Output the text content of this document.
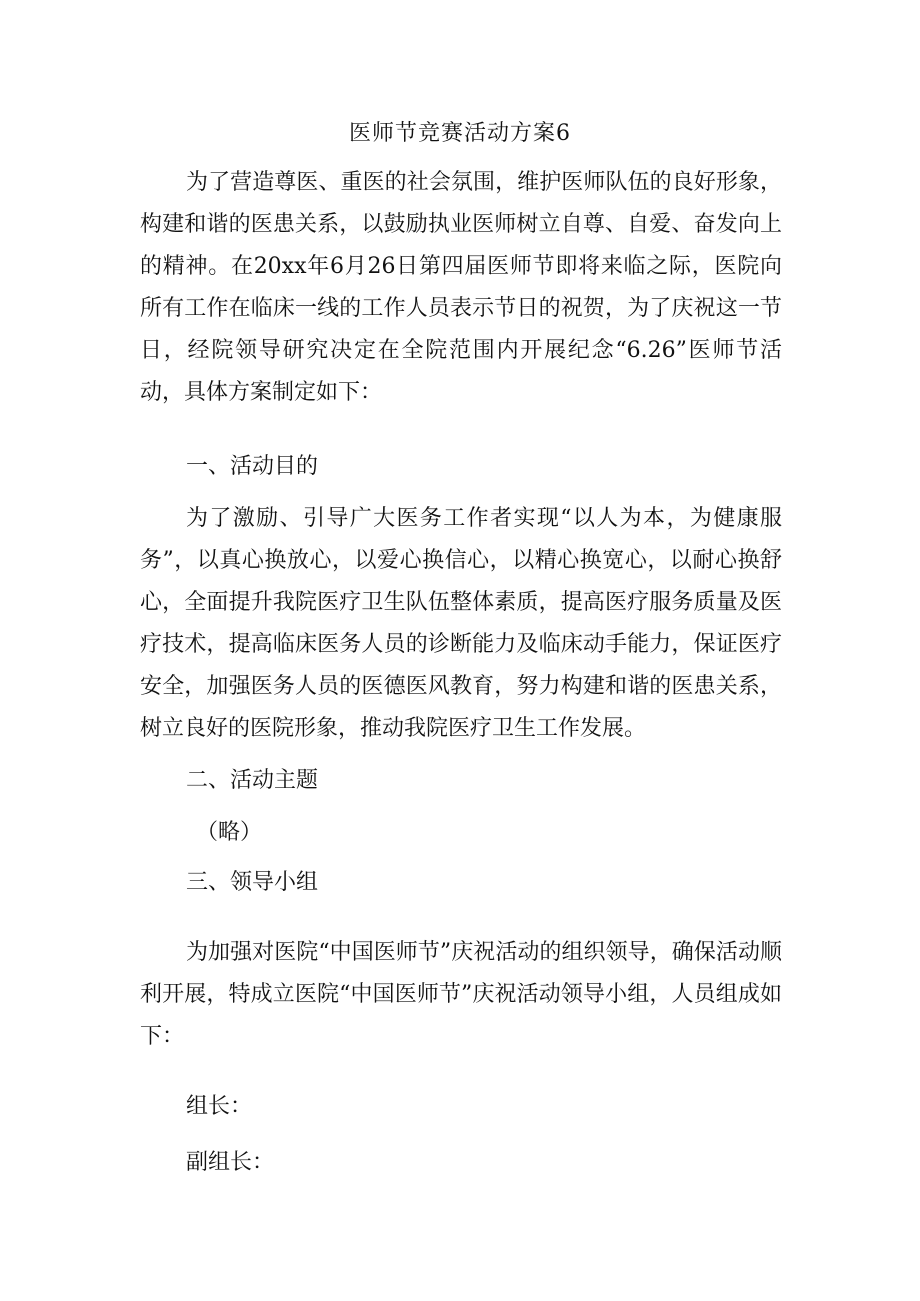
医师节竞赛活动方案6

为了营造尊医、重医的社会氛围，维护医师队伍的良好形象，构建和谐的医患关系，以鼓励执业医师树立自尊、自爱、奋发向上的精神。在20xx年6月26日第四届医师节即将来临之际，医院向所有工作在临床一线的工作人员表示节日的祝贺，为了庆祝这一节日，经院领导研究决定在全院范围内开展纪念“6.26”医师节活动，具体方案制定如下：

一、活动目的

为了激励、引导广大医务工作者实现“以人为本，为健康服务”，以真心换放心，以爱心换信心，以精心换宽心，以耐心换舒心，全面提升我院医疗卫生队伍整体素质，提高医疗服务质量及医疗技术，提高临床医务人员的诊断能力及临床动手能力，保证医疗安全，加强医务人员的医德医风教育，努力构建和谐的医患关系，树立良好的医院形象，推动我院医疗卫生工作发展。

二、活动主题

（略）

三、领导小组

为加强对医院“中国医师节”庆祝活动的组织领导，确保活动顺利开展，特成立医院“中国医师节”庆祝活动领导小组，人员组成如下：

组长：

副组长：
